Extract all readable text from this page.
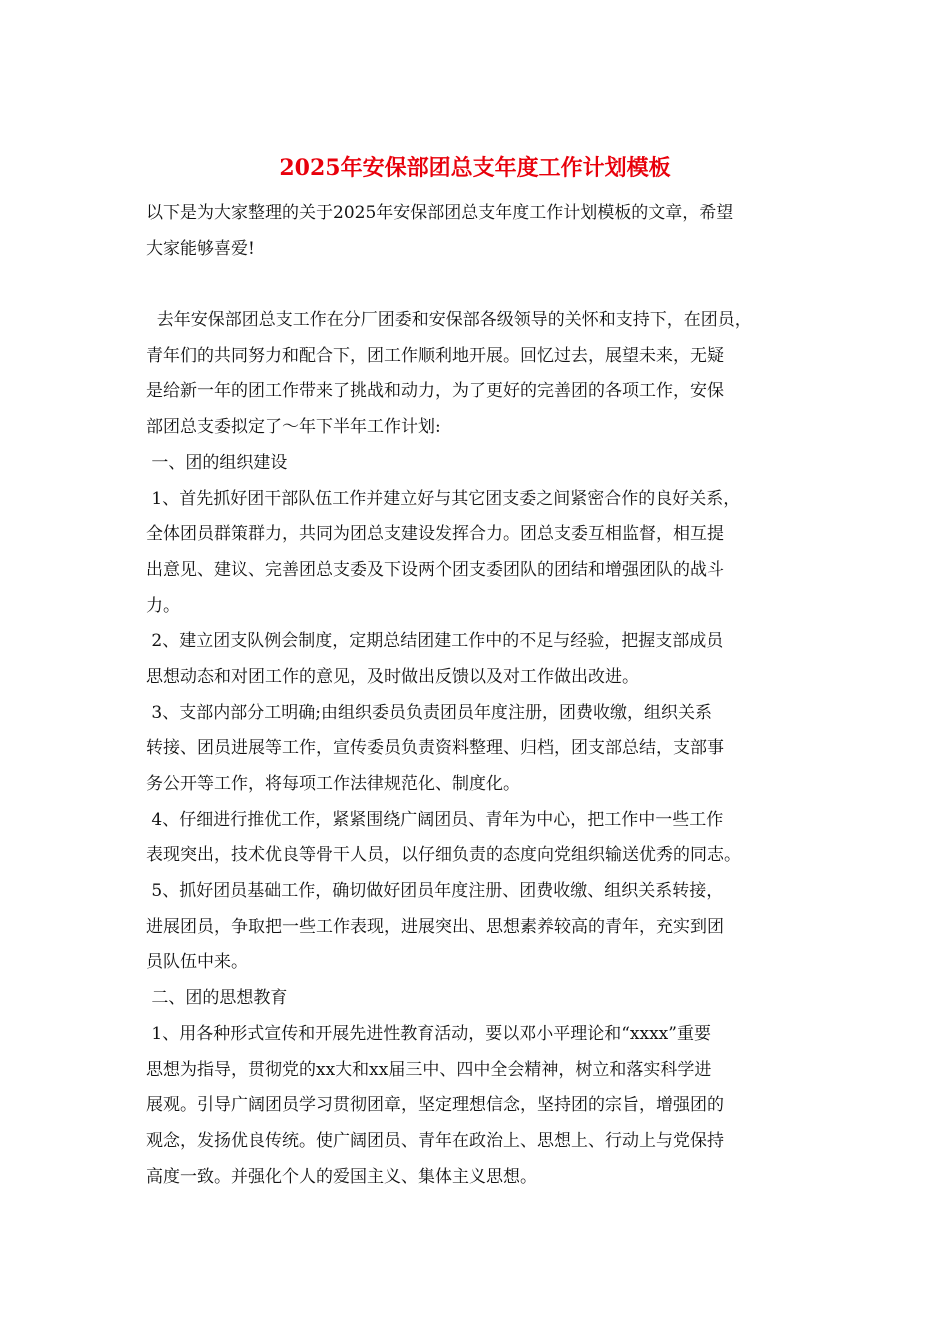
2025年安保部团总支年度工作计划模板
以下是为大家整理的关于2025年安保部团总支年度工作计划模板的文章，希望
大家能够喜爱!
去年安保部团总支工作在分厂团委和安保部各级领导的关怀和支持下，在团员，
青年们的共同努力和配合下，团工作顺利地开展。回忆过去，展望未来，无疑
是给新一年的团工作带来了挑战和动力，为了更好的完善团的各项工作，安保
部团总支委拟定了～年下半年工作计划:
一、团的组织建设
1、首先抓好团干部队伍工作并建立好与其它团支委之间紧密合作的良好关系，
全体团员群策群力，共同为团总支建设发挥合力。团总支委互相监督，相互提
出意见、建议、完善团总支委及下设两个团支委团队的团结和增强团队的战斗
力。
2、建立团支队例会制度，定期总结团建工作中的不足与经验，把握支部成员
思想动态和对团工作的意见，及时做出反馈以及对工作做出改进。
3、支部内部分工明确;由组织委员负责团员年度注册，团费收缴，组织关系
转接、团员进展等工作，宣传委员负责资料整理、归档，团支部总结，支部事
务公开等工作，将每项工作法律规范化、制度化。
4、仔细进行推优工作，紧紧围绕广阔团员、青年为中心，把工作中一些工作
表现突出，技术优良等骨干人员，以仔细负责的态度向党组织输送优秀的同志。
5、抓好团员基础工作，确切做好团员年度注册、团费收缴、组织关系转接，
进展团员，争取把一些工作表现，进展突出、思想素养较高的青年，充实到团
员队伍中来。
二、团的思想教育
1、用各种形式宣传和开展先进性教育活动，要以邓小平理论和“xxxx”重要
思想为指导，贯彻党的xx大和xx届三中、四中全会精神，树立和落实科学进
展观。引导广阔团员学习贯彻团章，坚定理想信念，坚持团的宗旨，增强团的
观念，发扬优良传统。使广阔团员、青年在政治上、思想上、行动上与党保持
高度一致。并强化个人的爱国主义、集体主义思想。
